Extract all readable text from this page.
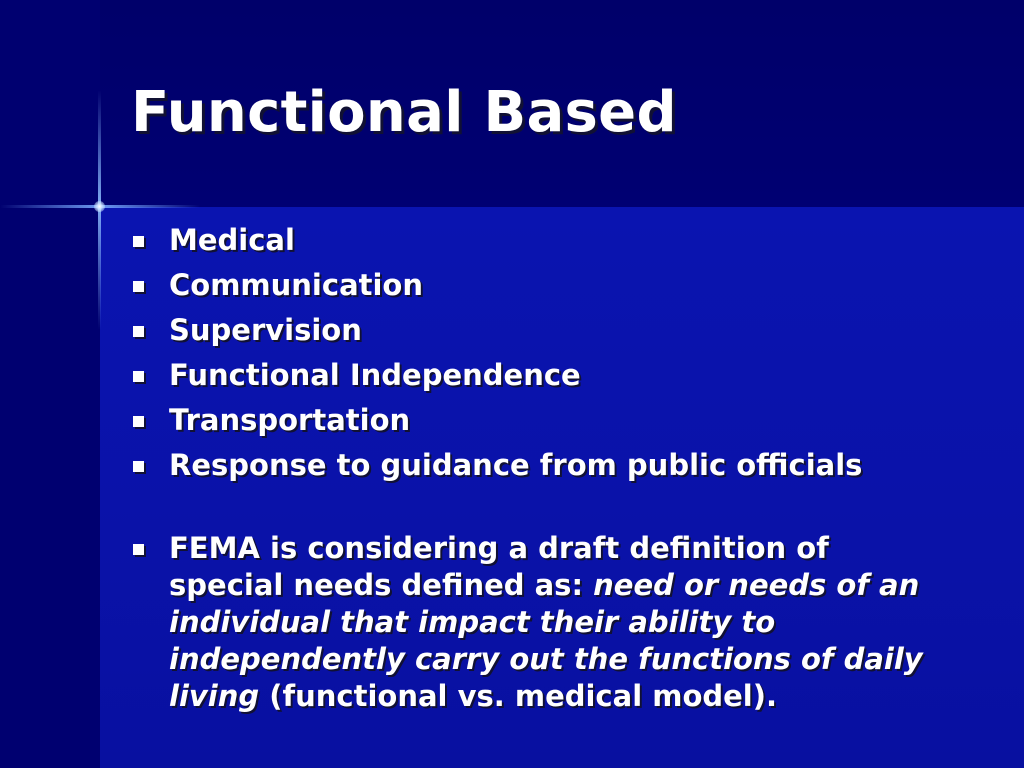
Functional Based
Medical
Communication
Supervision
Functional Independence
Transportation
Response to guidance from public officials
FEMA is considering a draft definition of special needs defined as: need or needs of an individual that impact their ability to independently carry out the functions of daily living (functional vs. medical model).
